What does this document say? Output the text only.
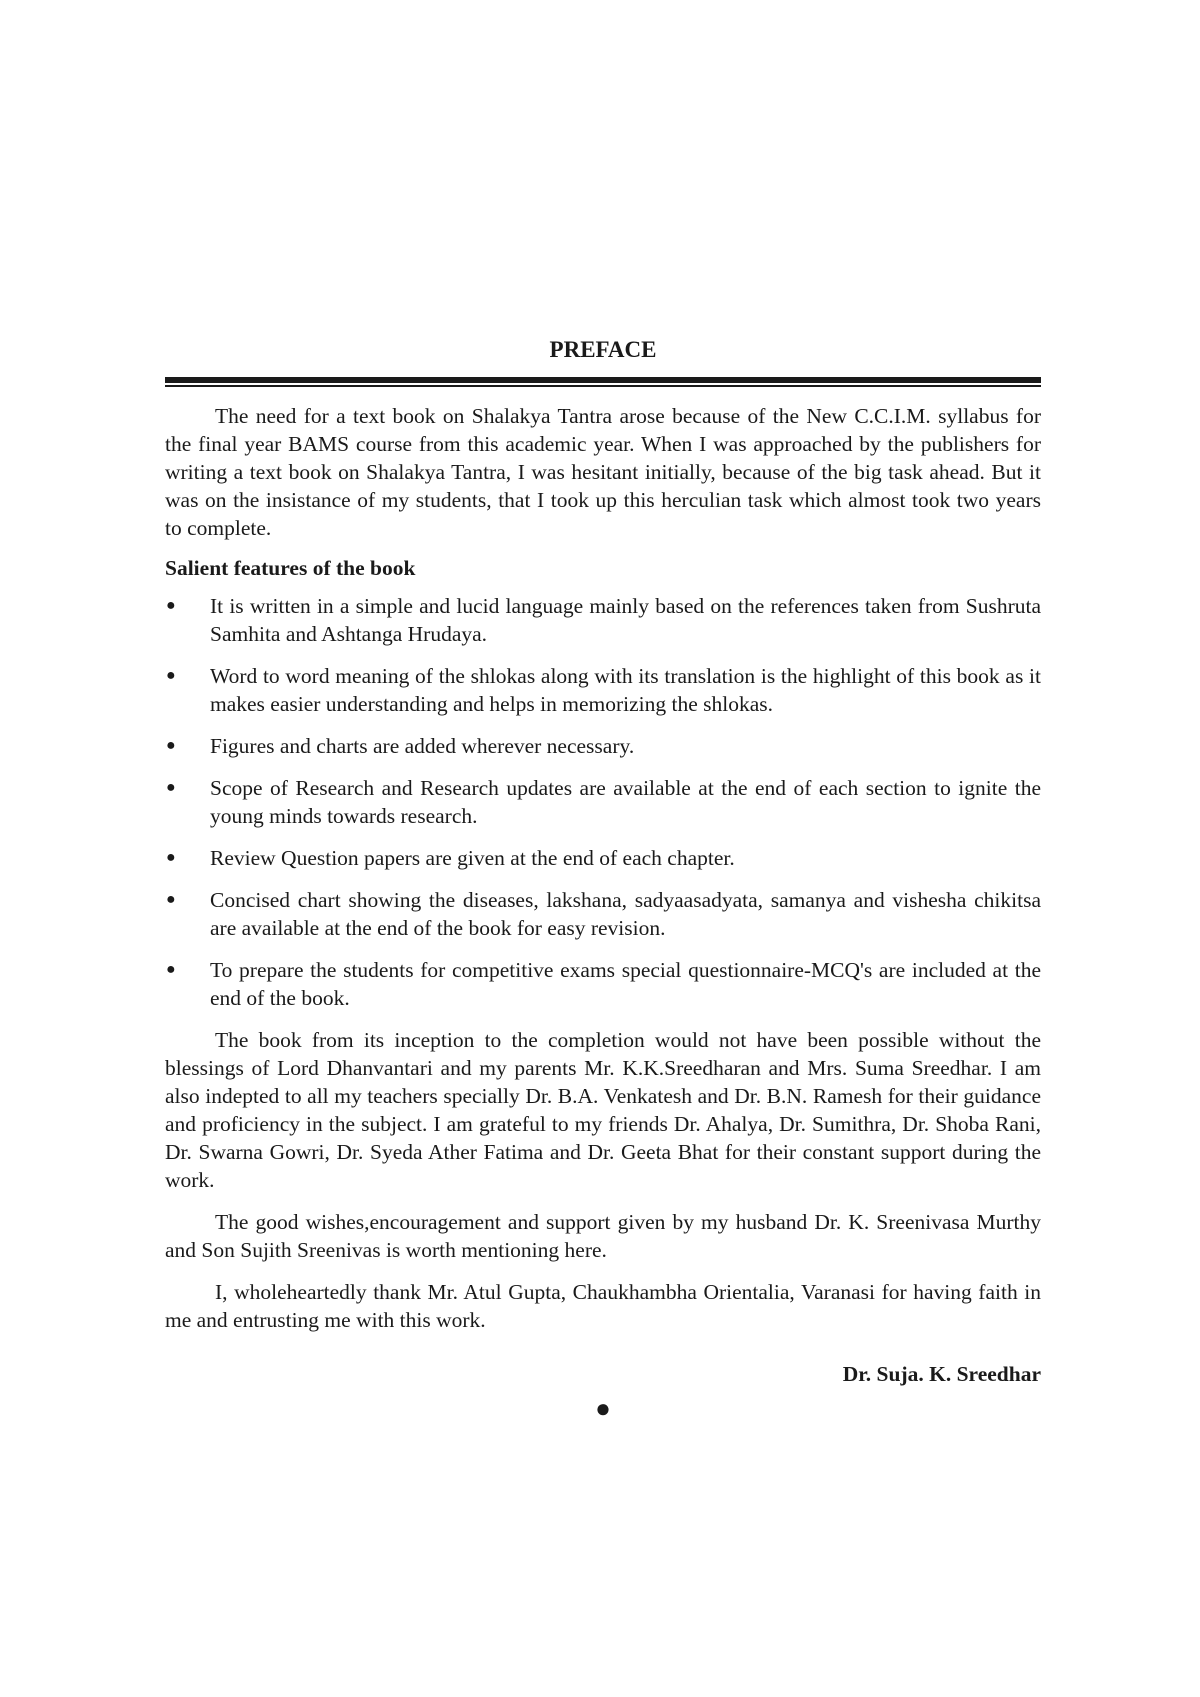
PREFACE

The need for a text book on Shalakya Tantra arose because of the New C.C.I.M. syllabus for the final year BAMS course from this academic year. When I was approached by the publishers for writing a text book on Shalakya Tantra, I was hesitant initially, because of the big task ahead. But it was on the insistance of my students, that I took up this herculian task which almost took two years to complete.

Salient features of the book

● It is written in a simple and lucid language mainly based on the references taken from Sushruta Samhita and Ashtanga Hrudaya.
● Word to word meaning of the shlokas along with its translation is the highlight of this book as it makes easier understanding and helps in memorizing the shlokas.
● Figures and charts are added wherever necessary.
● Scope of Research and Research updates are available at the end of each section to ignite the young minds towards research.
● Review Question papers are given at the end of each chapter.
● Concised chart showing the diseases, lakshana, sadyaasadyata, samanya and vishesha chikitsa are available at the end of the book for easy revision.
● To prepare the students for competitive exams special questionnaire-MCQ's are included at the end of the book.

The book from its inception to the completion would not have been possible without the blessings of Lord Dhanvantari and my parents Mr. K.K.Sreedharan and Mrs. Suma Sreedhar. I am also indepted to all my teachers specially Dr. B.A. Venkatesh and Dr. B.N. Ramesh for their guidance and proficiency in the subject. I am grateful to my friends Dr. Ahalya, Dr. Sumithra, Dr. Shoba Rani, Dr. Swarna Gowri, Dr. Syeda Ather Fatima and Dr. Geeta Bhat for their constant support during the work.

The good wishes,encouragement and support given by my husband Dr. K. Sreenivasa Murthy and Son Sujith Sreenivas is worth mentioning here.

I, wholeheartedly thank Mr. Atul Gupta, Chaukhambha Orientalia, Varanasi for having faith in me and entrusting me with this work.

Dr. Suja. K. Sreedhar

●
